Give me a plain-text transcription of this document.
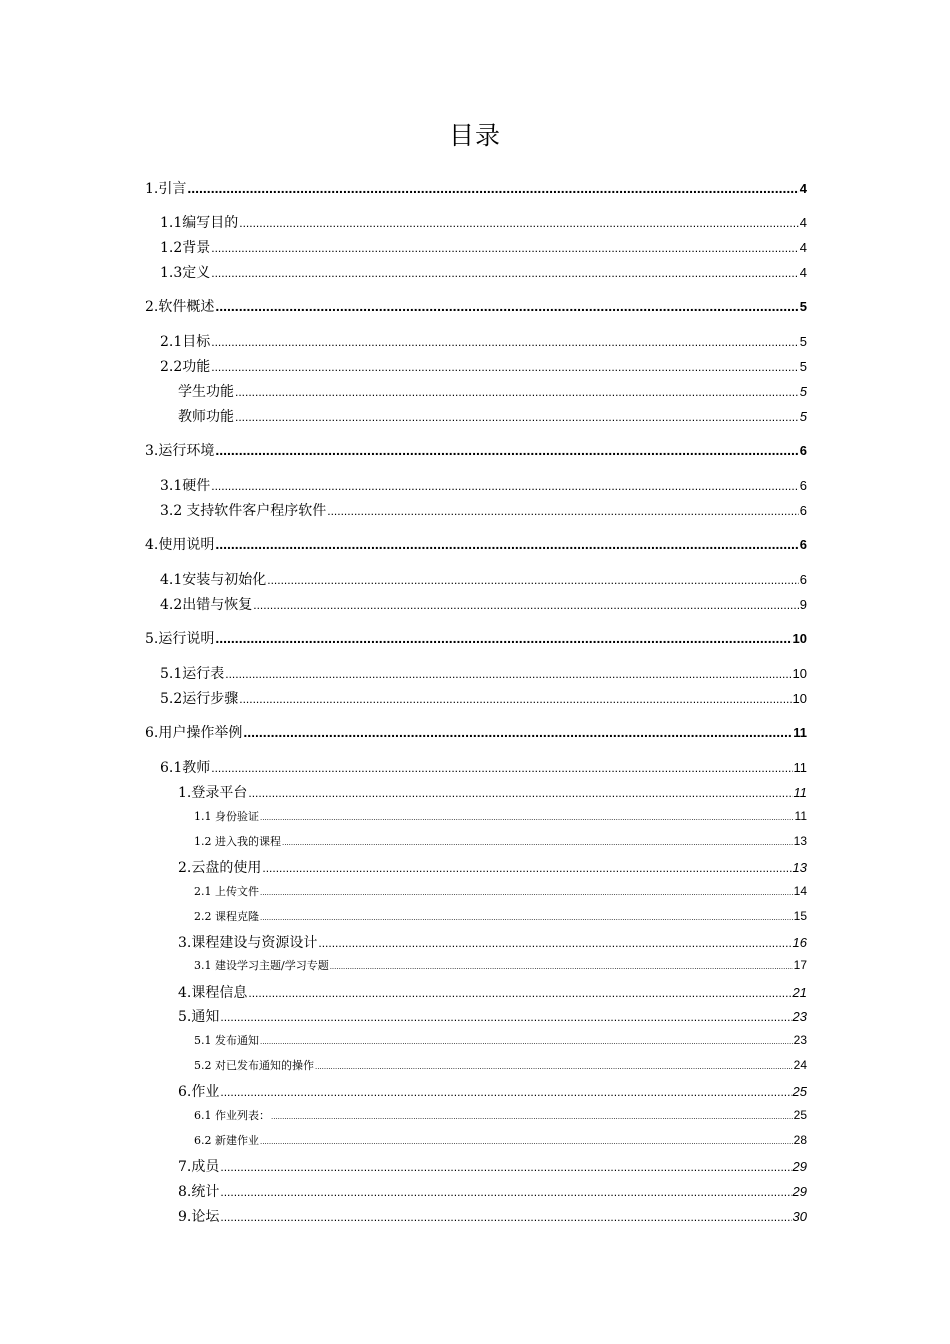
目录
1. 引言 .....	4
1.1 编写目的 .....	4
1.2 背景 .....	4
1.3 定义 .....	4
2. 软件概述 .....	5
2.1 目标 .....	5
2.2 功能 .....	5
学生功能 .....	5
教师功能 .....	5
3. 运行环境 .....	6
3.1 硬件 .....	6
3.2 支持软件客户程序软件 .....	6
4. 使用说明 .....	6
4.1 安装与初始化 .....	6
4.2 出错与恢复 .....	9
5. 运行说明 .....	10
5.1 运行表 .....	10
5.2 运行步骤 .....	10
6. 用户操作举例 .....	11
6.1 教师 .....	11
1.登录平台 .....	11
1.1 身份验证 .....	11
1.2 进入我的课程 .....	13
2.云盘的使用 .....	13
2.1 上传文件 .....	14
2.2 课程克隆 .....	15
3.课程建设与资源设计 .....	16
3.1 建设学习主题/学习专题 .....	17
4.课程信息 .....	21
5.通知 .....	23
5.1 发布通知 .....	23
5.2 对已发布通知的操作 .....	24
6.作业 .....	25
6.1 作业列表： .....	25
6.2 新建作业 .....	28
7.成员 .....	29
8.统计 .....	29
9.论坛 .....	30
